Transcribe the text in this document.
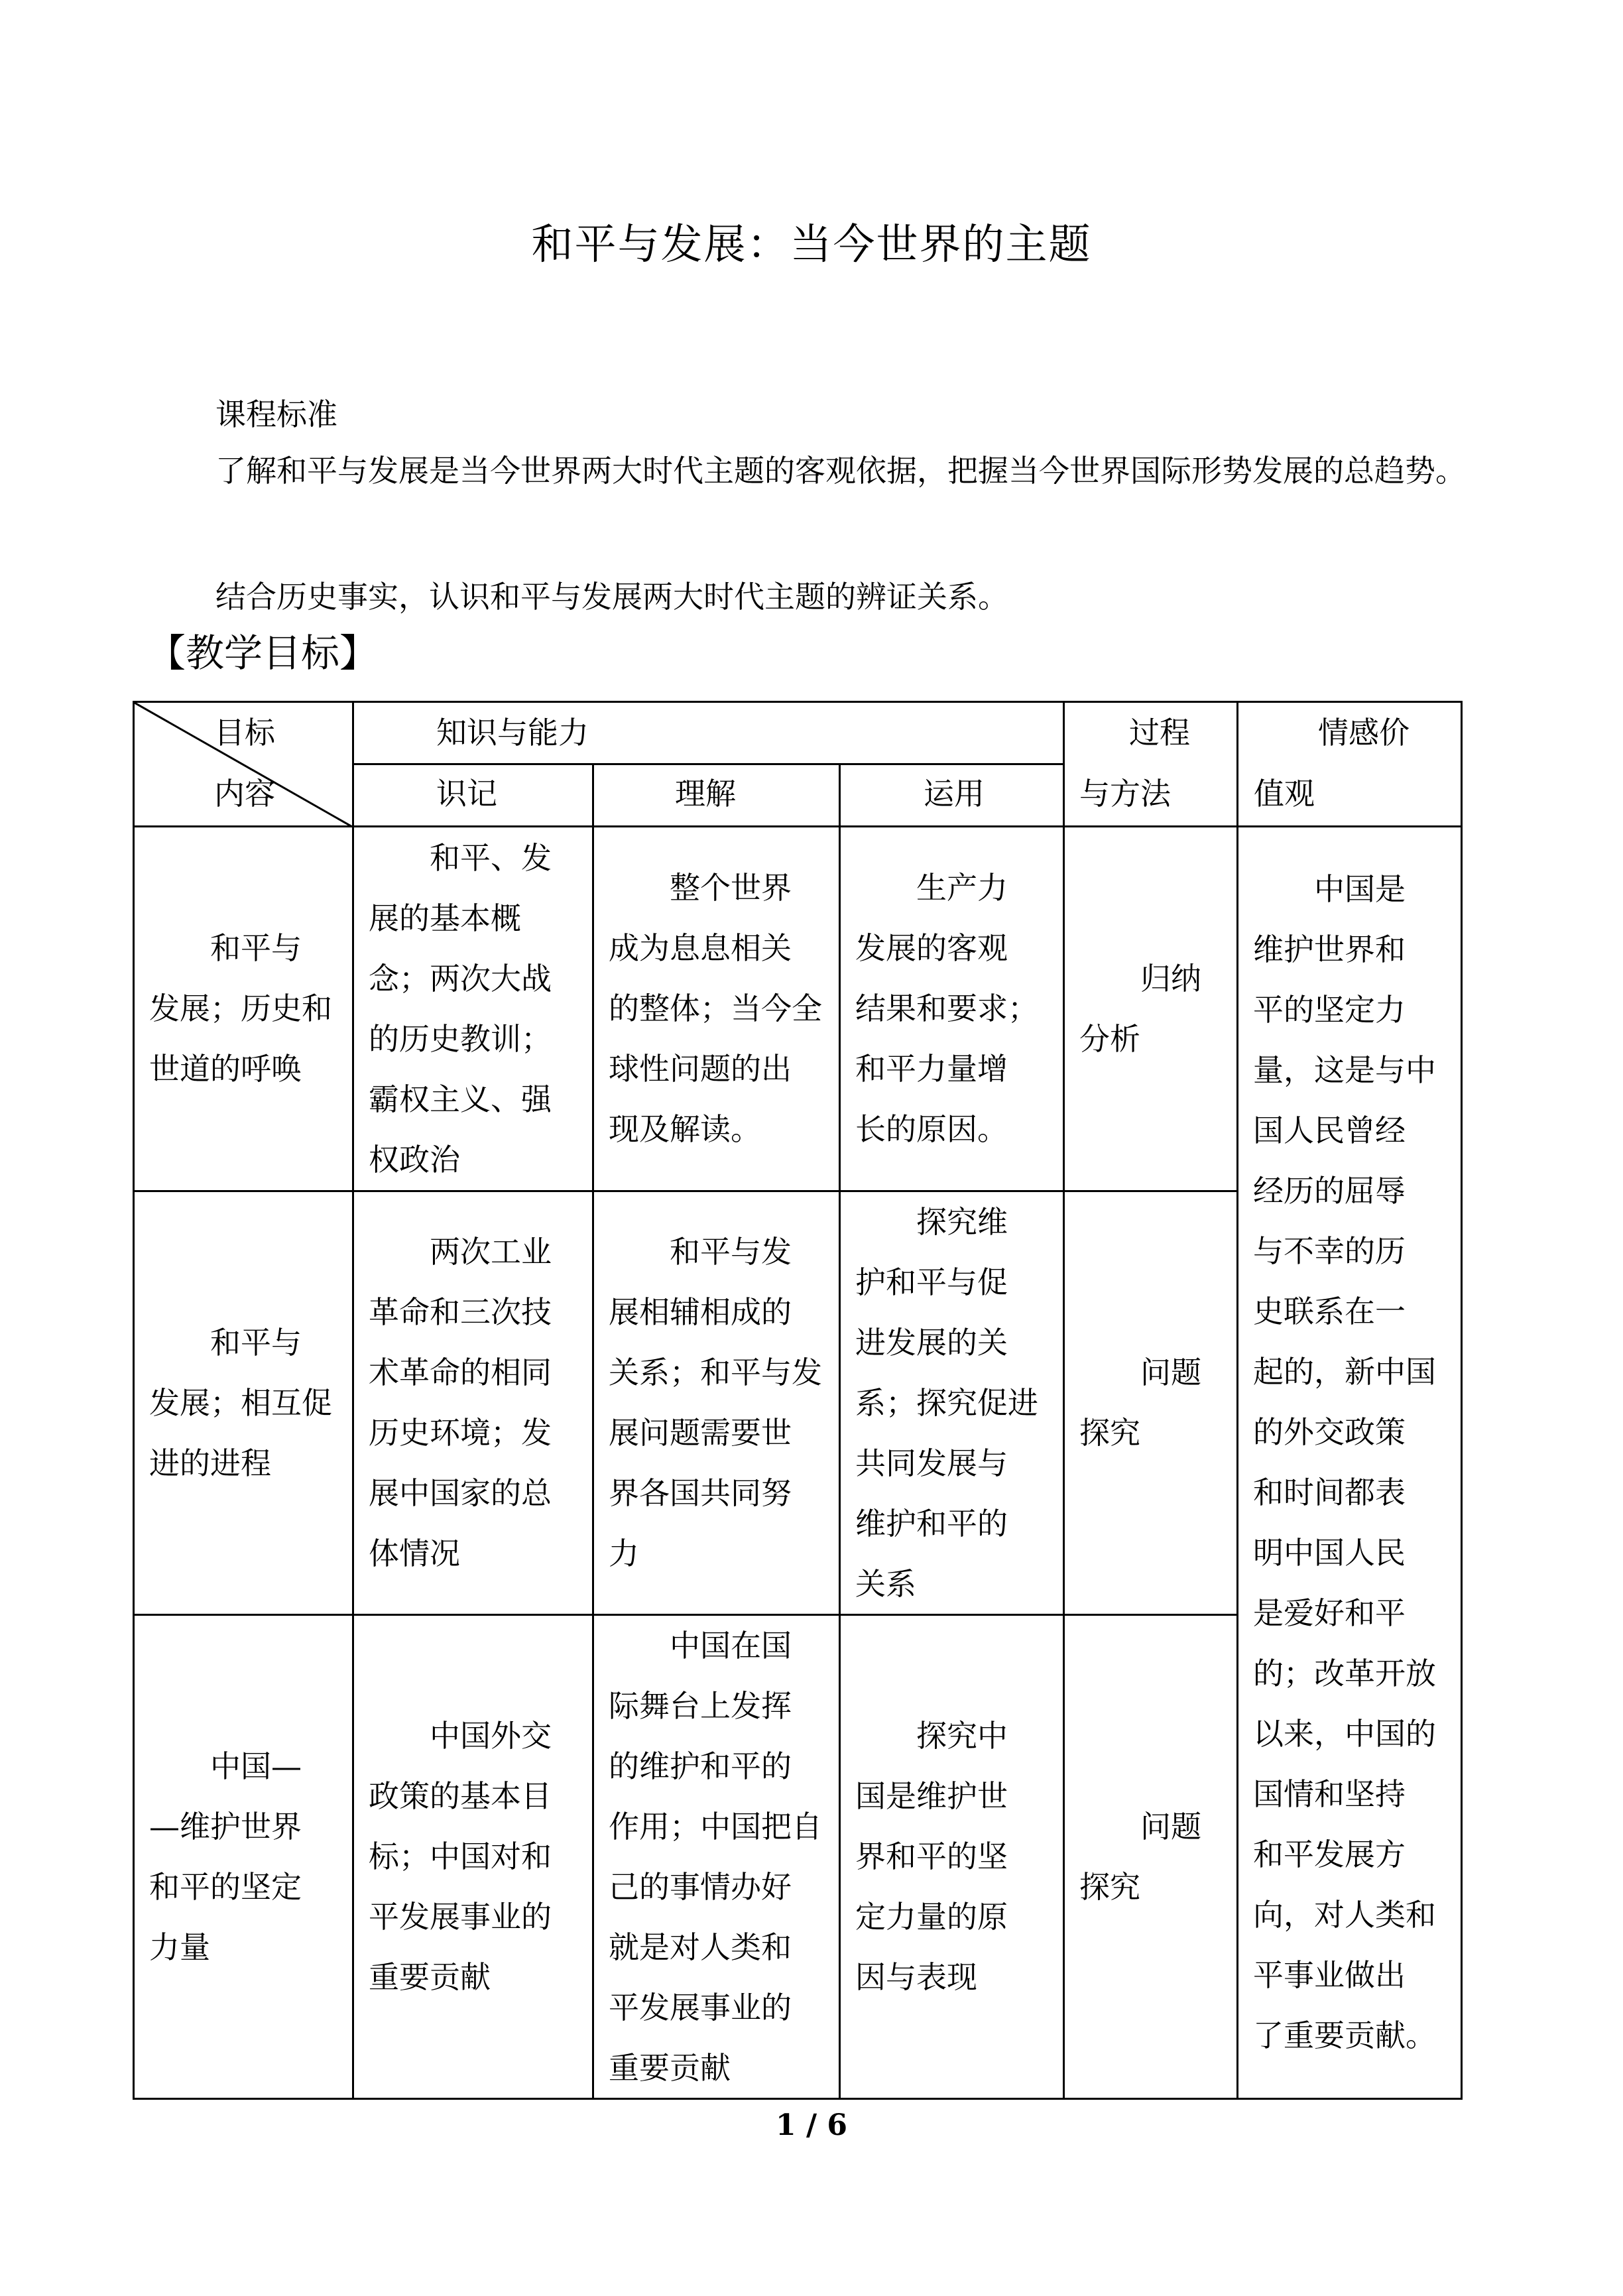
和平与发展：当今世界的主题
课程标准
了解和平与发展是当今世界两大时代主题的客观依据，把握当今世界国际形势发展的总趋势。
结合历史事实，认识和平与发展两大时代主题的辨证关系。
【教学目标】
目标
内容
知识与能力
识记	理解	运用
过程
与方法
情感价
值观
和平与
发展；历史和
世道的呼唤
和平、发
展的基本概
念；两次大战
的历史教训；
霸权主义、强
权政治
整个世界
成为息息相关
的整体；当今全
球性问题的出
现及解读。
生产力
发展的客观
结果和要求；
和平力量增
长的原因。
归纳
分析
和平与
发展；相互促
进的进程
两次工业
革命和三次技
术革命的相同
历史环境；发
展中国家的总
体情况
和平与发
展相辅相成的
关系；和平与发
展问题需要世
界各国共同努
力
探究维
护和平与促
进发展的关
系；探究促进
共同发展与
维护和平的
关系
问题
探究
中国—
—维护世界
和平的坚定
力量
中国外交
政策的基本目
标；中国对和
平发展事业的
重要贡献
中国在国
际舞台上发挥
的维护和平的
作用；中国把自
己的事情办好
就是对人类和
平发展事业的
重要贡献
探究中
国是维护世
界和平的坚
定力量的原
因与表现
问题
探究
中国是
维护世界和
平的坚定力
量，这是与中
国人民曾经
经历的屈辱
与不幸的历
史联系在一
起的，新中国
的外交政策
和时间都表
明中国人民
是爱好和平
的；改革开放
以来，中国的
国情和坚持
和平发展方
向，对人类和
平事业做出
了重要贡献。
1 / 6
